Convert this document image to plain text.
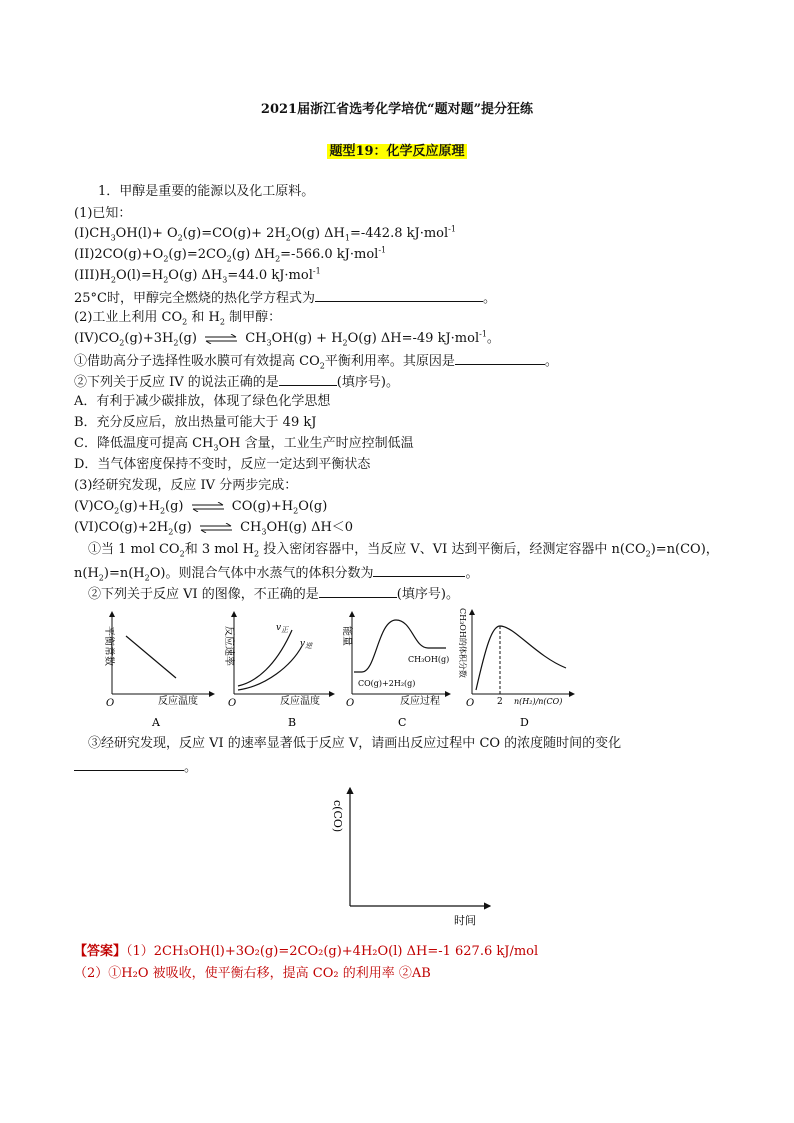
2021届浙江省选考化学培优“题对题”提分狂练
题型19：化学反应原理
1．甲醇是重要的能源以及化工原料。
(1)已知：
$(I)CH_3OH(l)+ O_2(g)=CO(g)+ 2H_2O(g)$ $\Delta H_1=-442.8$ kJ·mol$^{-1}$
$(II)2CO(g)+O_2(g)=2CO_2(g)$ $\Delta H_2=-566.0$ kJ·mol$^{-1}$
$(III)H_2O(l)=H_2O(g)$ $\Delta H_3=44.0$ kJ·mol$^{-1}$
25°C时，甲醇完全燃烧的热化学方程式为	。
(2)工业上利用 $CO_2$ 和 $H_2$ 制甲醇：
$(IV)CO_2(g)+3H_2(g)$ ⇌ $CH_3OH(g) + H_2O(g)$ ΔH=-49 kJ·mol$^{-1}$。
①借助高分子选择性吸水膜可有效提高 $CO_2$平衡利用率。其原因是	。
②下列关于反应 IV 的说法正确的是	(填序号)。
A．有利于减少碳排放，体现了绿色化学思想
B．充分反应后，放出热量可能大于 49 kJ
C．降低温度可提高 $CH_3OH$ 含量，工业生产时应控制低温
D．当气体密度保持不变时，反应一定达到平衡状态
(3)经研究发现，反应 IV 分两步完成：
$(V)CO_2(g)+H_2(g)$ ⇌ $CO(g)+H_2O(g)$
$(VI)CO(g)+2H_2(g)$ ⇌ $CH_3OH(g)$ ΔH＜0
①当 1 mol $CO_2$和 3 mol $H_2$ 投入密闭容器中，当反应 V、VI 达到平衡后，经测定容器中 $n(CO_2)=n(CO)$，
$n(H_2)=n(H_2O)$。则混合气体中水蒸气的体积分数为	。
②下列关于反应 VI 的图像，不正确的是	(填序号)。
O	反应温度
平衡常数
A
$v_正$
$v_逆$
O	反应温度
反应速率
B
CO(g)+2H₂(g)
CH₃OH(g)
O	反应过程
能量
C
2
O	n(H₂)/n(CO)
CH₃OH的体积分数
D
③经研究发现，反应 VI 的速率显著低于反应 V，请画出反应过程中 CO 的浓度随时间的变化
。
c(CO)
时间
【答案】（1）2CH₃OH(l)+3O₂(g)=2CO₂(g)+4H₂O(l) ΔH=-1 627.6 kJ/mol
（2）①H₂O 被吸收，使平衡右移，提高 CO₂ 的利用率 ②AB
